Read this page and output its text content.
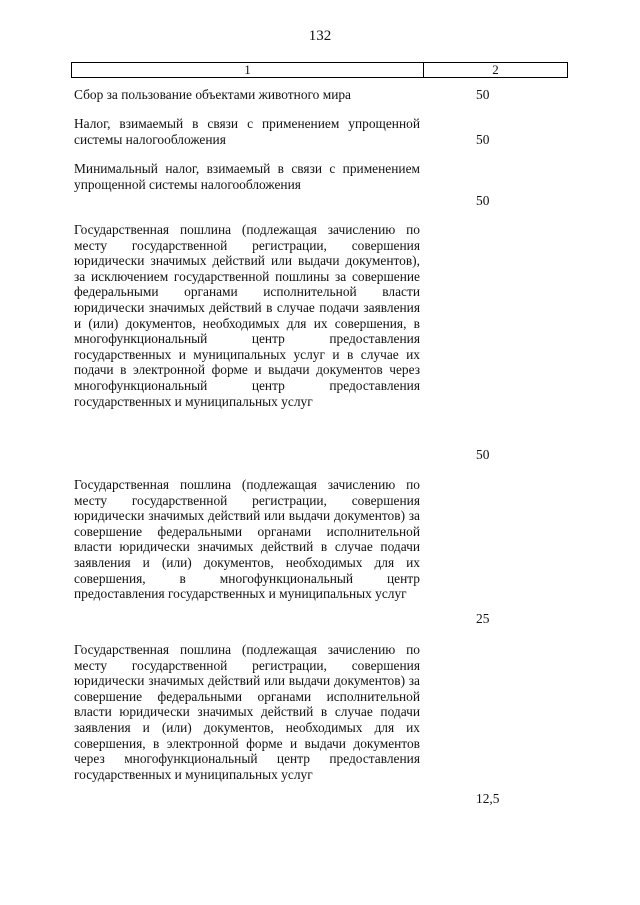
132
1	2
Сбор за пользование объектами животного мира	50
Налог, взимаемый в связи с применением упрощенной системы налогообложения	50
Минимальный налог, взимаемый в связи с применением упрощенной системы налогообложения
50
Государственная пошлина (подлежащая зачислению по месту государственной регистрации, совершения юридически значимых действий или выдачи документов), за исключением государственной пошлины за совершение федеральными органами исполнительной власти юридически значимых действий в случае подачи заявления и (или) документов, необходимых для их совершения, в многофункциональный центр предоставления государственных и муниципальных услуг и в случае их подачи в электронной форме и выдачи документов через многофункциональный центр предоставления государственных и муниципальных услуг
50
Государственная пошлина (подлежащая зачислению по месту государственной регистрации, совершения юридически значимых действий или выдачи документов) за совершение федеральными органами исполнительной власти юридически значимых действий в случае подачи заявления и (или) документов, необходимых для их совершения, в многофункциональный центр предоставления государственных и муниципальных услуг
25
Государственная пошлина (подлежащая зачислению по месту государственной регистрации, совершения юридически значимых действий или выдачи документов) за совершение федеральными органами исполнительной власти юридически значимых действий в случае подачи заявления и (или) документов, необходимых для их совершения, в электронной форме и выдачи документов через многофункциональный центр предоставления государственных и муниципальных услуг
12,5
